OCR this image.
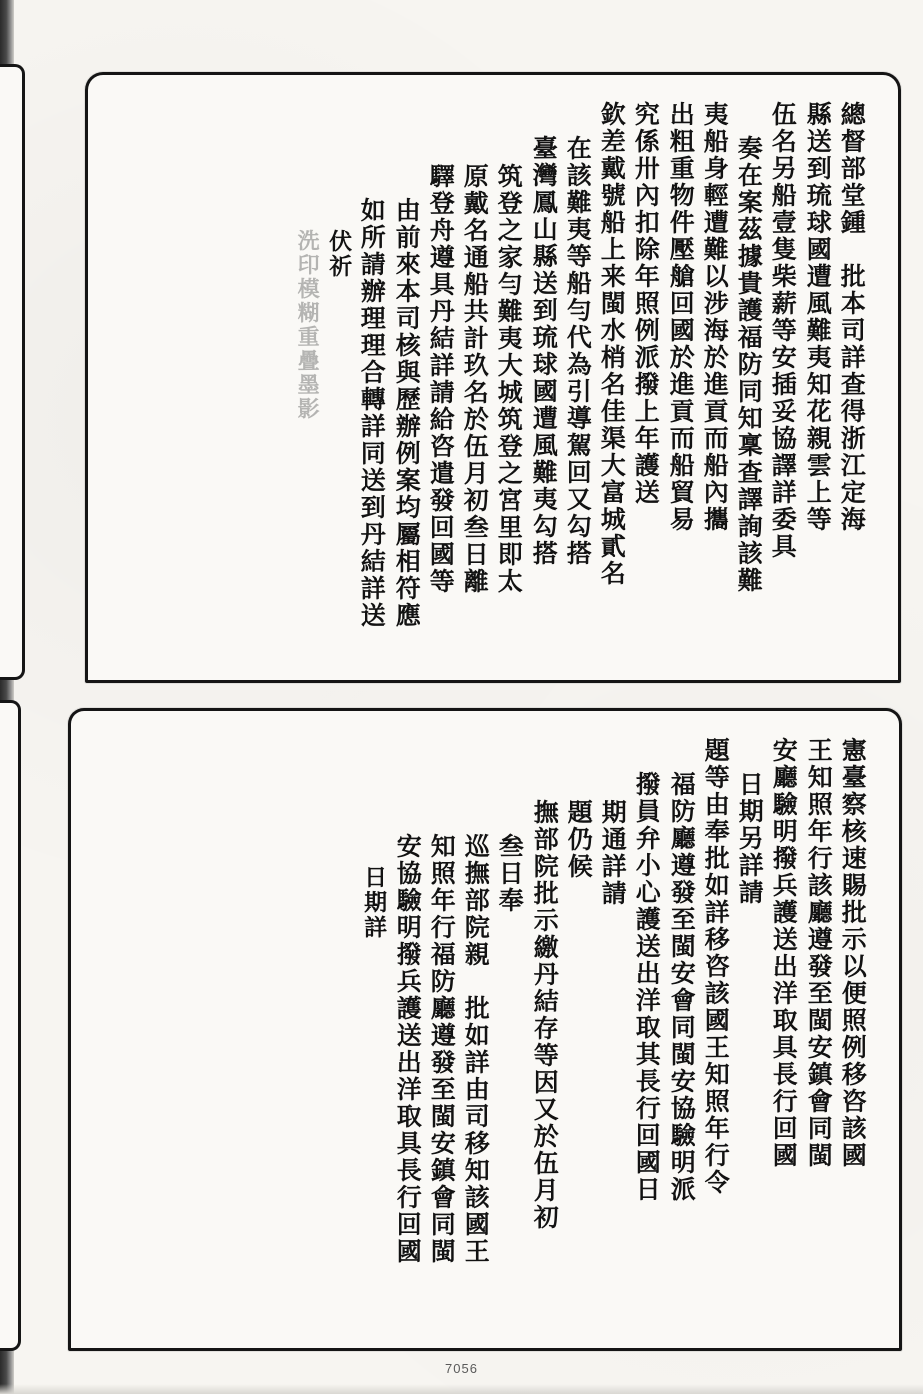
總督部堂鍾　批本司詳查得浙江定海
縣送到琉球國遭風難夷知花親雲上等
伍名另船壹隻柴薪等安插妥協譯詳委具
奏在案茲據貴護福防同知稟查譯詢該難
夷船身輕遭難以涉海於進貢而船內攜
出粗重物件壓艙回國於進貢而船貿易
究係卅內扣除年照例派撥上年護送
欽差戴號船上来閩水梢名佳渠大富城貳名
在該難夷等船勻代為引導駕回又勾搭
臺灣鳳山縣送到琉球國遭風難夷勾搭
筑登之家勻難夷大城筑登之宮里即太
原戴名通船共計玖名於伍月初叁日離
驛登舟遵具丹結詳請給咨遣發回國等
由前來本司核與歷辦例案均屬相符應
如所請辦理理合轉詳同送到丹結詳送
伏祈
洗印模糊重疊墨影
憲臺察核速賜批示以便照例移咨該國
王知照年行該廳遵發至閩安鎮會同閩
安廳驗明撥兵護送出洋取具長行回國
日期另詳請
題等由奉批如詳移咨該國王知照年行令
福防廳遵發至閩安會同閩安協驗明派
撥員弁小心護送出洋取其長行回國日
期通詳請
題仍候
撫部院批示繳丹結存等因又於伍月初
叁日奉
巡撫部院親　批如詳由司移知該國王
知照年行福防廳遵發至閩安鎮會同閩
安協驗明撥兵護送出洋取具長行回國
日期詳
7056
